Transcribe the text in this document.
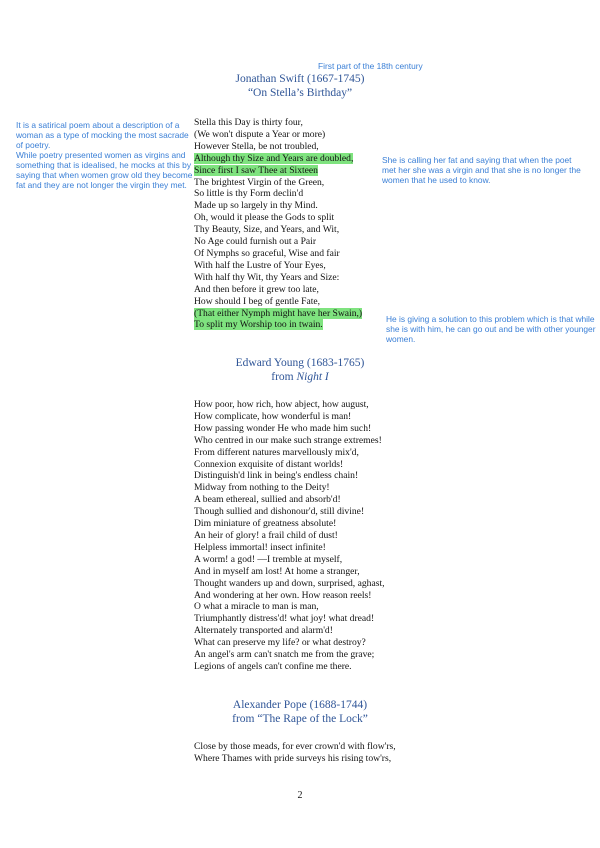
First part of the 18th century

It is a satirical poem about a description of a woman as a type of mocking the most sacrade of poetry.

While poetry presented women as virgins and something that is idealised, he mocks at this by saying that when women grow old they become fat and they are not longer the virgin they met.

She is calling her fat and saying that when the poet met her she was a virgin and that she is no longer the women that he used to know.

He is giving a solution to this problem which is that while she is with him, he can go out and be with other younger women.

Jonathan Swift (1667-1745)
“On Stella’s Birthday”
Stella this Day is thirty four,
(We won't dispute a Year or more)
However Stella, be not troubled,
Although thy Size and Years are doubled,
Since first I saw Thee at Sixteen
The brightest Virgin of the Green,
So little is thy Form declin'd
Made up so largely in thy Mind.
Oh, would it please the Gods to split
Thy Beauty, Size, and Years, and Wit,
No Age could furnish out a Pair
Of Nymphs so graceful, Wise and fair
With half the Lustre of Your Eyes,
With half thy Wit, thy Years and Size:
And then before it grew too late,
How should I beg of gentle Fate,
(That either Nymph might have her Swain,)
To split my Worship too in twain.
Edward Young (1683-1765)
from Night I
How poor, how rich, how abject, how august,
How complicate, how wonderful is man!
How passing wonder He who made him such!
Who centred in our make such strange extremes!
From different natures marvellously mix'd,
Connexion exquisite of distant worlds!
Distinguish'd link in being's endless chain!
Midway from nothing to the Deity!
A beam ethereal, sullied and absorb'd!
Though sullied and dishonour'd, still divine!
Dim miniature of greatness absolute!
An heir of glory! a frail child of dust!
Helpless immortal! insect infinite!
A worm! a god! —I tremble at myself,
And in myself am lost! At home a stranger,
Thought wanders up and down, surprised, aghast,
And wondering at her own. How reason reels!
O what a miracle to man is man,
Triumphantly distress'd! what joy! what dread!
Alternately transported and alarm'd!
What can preserve my life? or what destroy?
An angel's arm can't snatch me from the grave;
Legions of angels can't confine me there.
Alexander Pope (1688-1744)
from “The Rape of the Lock”
Close by those meads, for ever crown'd with flow'rs,
Where Thames with pride surveys his rising tow'rs,
2
